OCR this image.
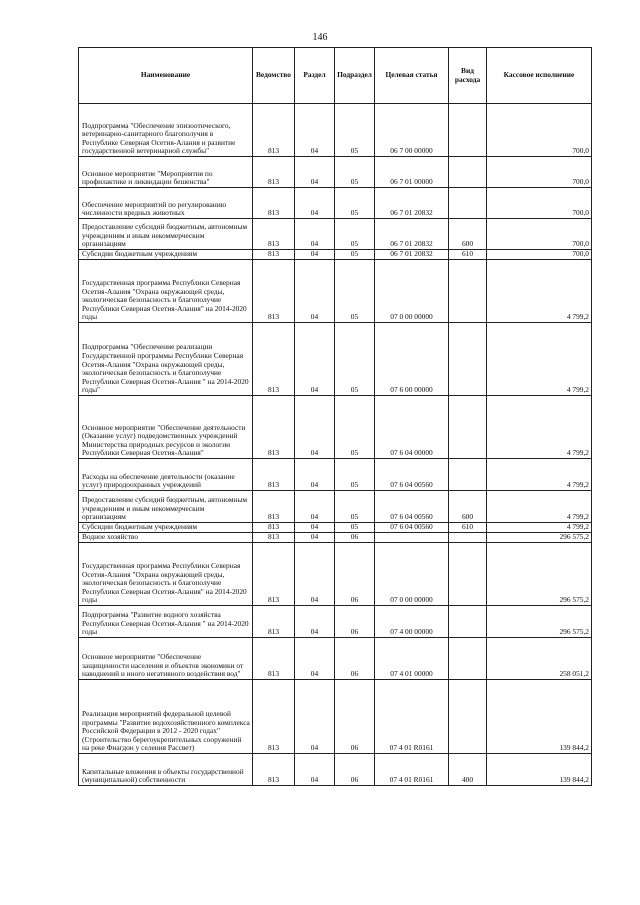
146
Наименование	Ведомство	Раздел	Подраздел	Целевая статья	Вид расхода	Кассовое исполнение
Подпрограмма "Обеспечение эпизоотического, ветеринарно-санитарного благополучия в Республике Северная Осетия-Алания и развитие государственной ветеринарной службы"	813	04	05	06 7 00 00000		700,0
Основное мероприятие "Мероприятия по профилактике и ликвидации бешенства"	813	04	05	06 7 01 00000		700,0
Обеспечение мероприятий по регулированию численности вредных животных	813	04	05	06 7 01 20832		700,0
Предоставление субсидий бюджетным, автономным учреждениям и иным некоммерческим организациям	813	04	05	06 7 01 20832	600	700,0
Субсидии бюджетным учреждениям	813	04	05	06 7 01 20832	610	700,0
Государственная программа Республики Северная Осетия-Алания "Охрана окружающей среды, экологическая безопасность и благополучие Республики Северная Осетия-Алания" на 2014-2020 годы	813	04	05	07 0 00 00000		4 799,2
Подпрограмма "Обеспечение реализации Государственной программы Республики Северная Осетия-Алания "Охрана окружающей среды, экологическая безопасность и благополучие Республики Северная Осетия-Алания " на 2014-2020 годы"	813	04	05	07 6 00 00000		4 799,2
Основное мероприятие "Обеспечение деятельности (Оказание услуг) подведомственных учреждений Министерства природных ресурсов и экологии Республики Северная Осетия-Алания"	813	04	05	07 6 04 00000		4 799,2
Расходы на обеспечение деятельности (оказание услуг) природоохранных учреждений	813	04	05	07 6 04 00560		4 799,2
Предоставление субсидий бюджетным, автономным учреждениям и иным некоммерческим организациям	813	04	05	07 6 04 00560	600	4 799,2
Субсидии бюджетным учреждениям	813	04	05	07 6 04 00560	610	4 799,2
Водное хозяйство	813	04	06			296 575,2
Государственная программа Республики Северная Осетия-Алания "Охрана окружающей среды, экологическая безопасность и благополучие Республики Северная Осетия-Алания" на 2014-2020 годы	813	04	06	07 0 00 00000		296 575,2
Подпрограмма "Развитие водного хозяйства Республики Северная Осетия-Алания " на 2014-2020 годы	813	04	06	07 4 00 00000		296 575,2
Основное мероприятие "Обеспечение защищенности населения и объектов экономики от наводнений и иного негативного воздействия вод"	813	04	06	07 4 01 00000		258 051,2
Реализация мероприятий федеральной целевой программы "Развитие водохозяйственного комплекса Российской Федерации в 2012 - 2020 годах" (Строительство берегоукрепительных сооружений на реке Фиагдон у селения Рассвет)	813	04	06	07 4 01 R0161		139 844,2
Капитальные вложения в объекты государственной (муниципальной) собственности	813	04	06	07 4 01 R0161	400	139 844,2
